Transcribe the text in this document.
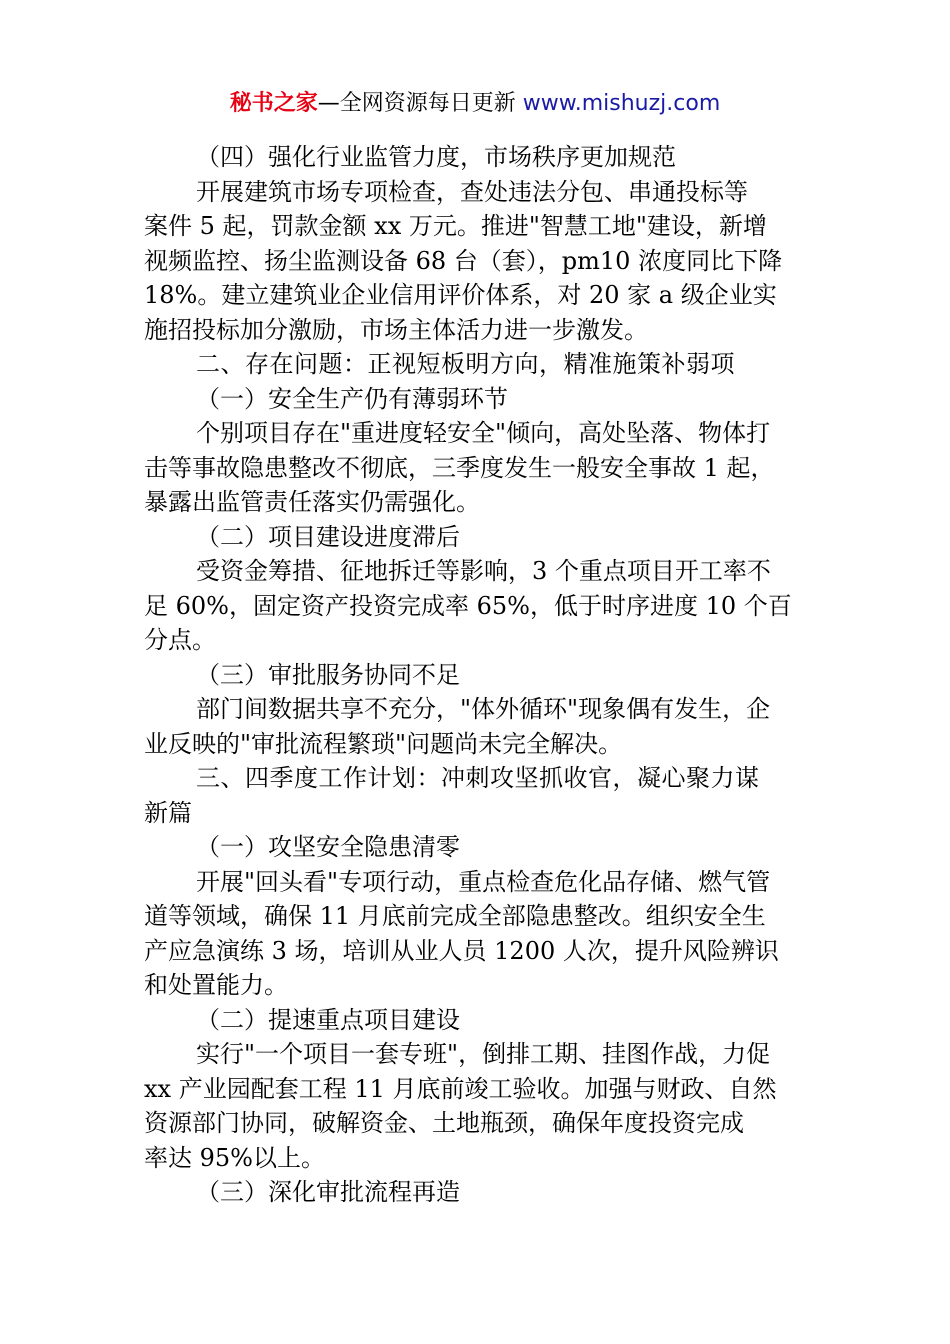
秘书之家—全网资源每日更新 www.mishuzj.com
（四）强化行业监管力度，市场秩序更加规范
开展建筑市场专项检查，查处违法分包、串通投标等
案件 5 起，罚款金额 xx 万元。推进"智慧工地"建设，新增
视频监控、扬尘监测设备 68 台（套），pm10 浓度同比下降
18%。建立建筑业企业信用评价体系，对 20 家 a 级企业实
施招投标加分激励，市场主体活力进一步激发。
二、存在问题：正视短板明方向，精准施策补弱项
（一）安全生产仍有薄弱环节
个别项目存在"重进度轻安全"倾向，高处坠落、物体打
击等事故隐患整改不彻底，三季度发生一般安全事故 1 起，
暴露出监管责任落实仍需强化。
（二）项目建设进度滞后
受资金筹措、征地拆迁等影响，3 个重点项目开工率不
足 60%，固定资产投资完成率 65%，低于时序进度 10 个百
分点。
（三）审批服务协同不足
部门间数据共享不充分，"体外循环"现象偶有发生，企
业反映的"审批流程繁琐"问题尚未完全解决。
三、四季度工作计划：冲刺攻坚抓收官，凝心聚力谋
新篇
（一）攻坚安全隐患清零
开展"回头看"专项行动，重点检查危化品存储、燃气管
道等领域，确保 11 月底前完成全部隐患整改。组织安全生
产应急演练 3 场，培训从业人员 1200 人次，提升风险辨识
和处置能力。
（二）提速重点项目建设
实行"一个项目一套专班"，倒排工期、挂图作战，力促
xx 产业园配套工程 11 月底前竣工验收。加强与财政、自然
资源部门协同，破解资金、土地瓶颈，确保年度投资完成
率达 95%以上。
（三）深化审批流程再造
